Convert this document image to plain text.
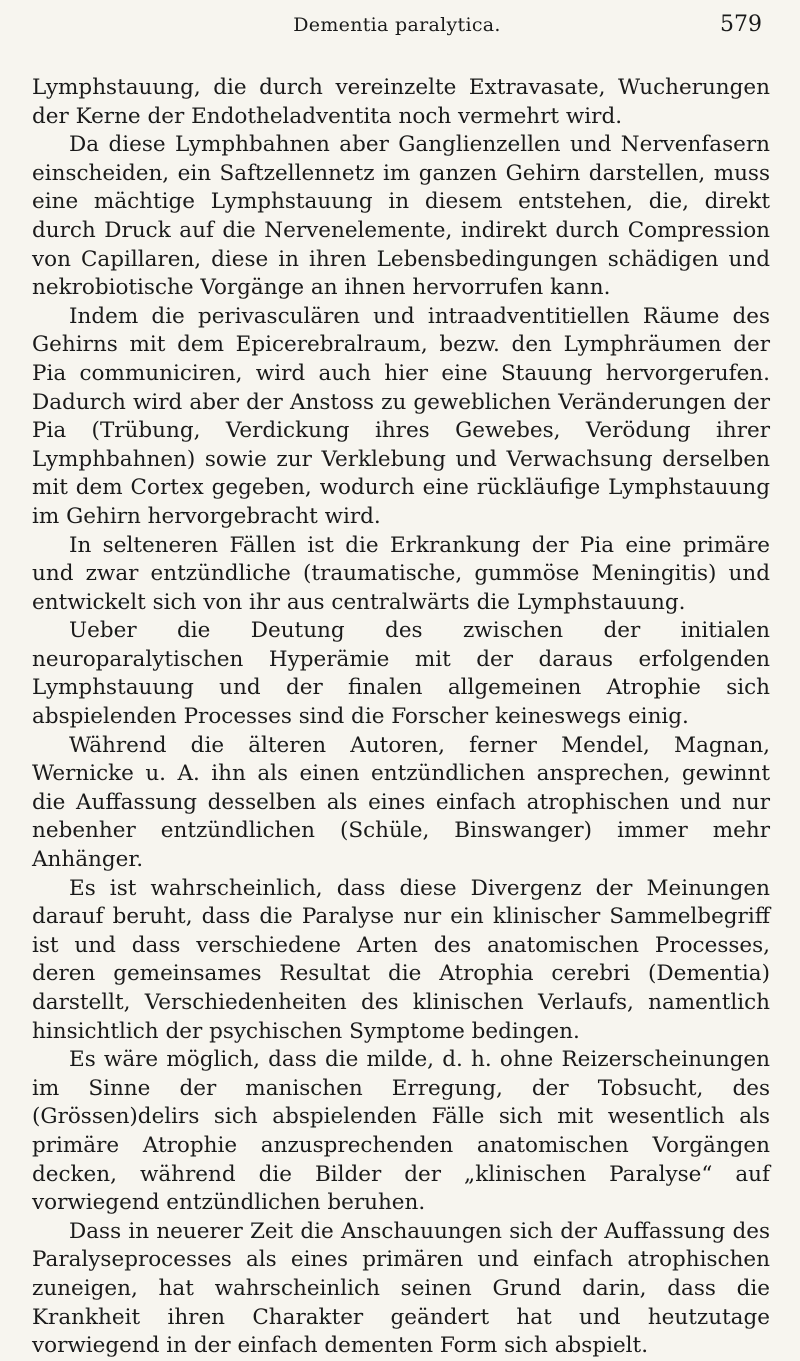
Dementia paralytica.	579

Lymphstauung, die durch vereinzelte Extravasate, Wucherungen der Kerne der Endotheladventita noch vermehrt wird.

Da diese Lymphbahnen aber Ganglienzellen und Nervenfasern einscheiden, ein Saftzellennetz im ganzen Gehirn darstellen, muss eine mächtige Lymphstauung in diesem entstehen, die, direkt durch Druck auf die Nervenelemente, indirekt durch Compression von Capillaren, diese in ihren Lebensbedingungen schädigen und nekrobiotische Vorgänge an ihnen hervorrufen kann.

Indem die perivasculären und intraadventitiellen Räume des Gehirns mit dem Epicerebralraum, bezw. den Lymphräumen der Pia communiciren, wird auch hier eine Stauung hervorgerufen. Dadurch wird aber der Anstoss zu geweblichen Veränderungen der Pia (Trübung, Verdickung ihres Gewebes, Verödung ihrer Lymphbahnen) sowie zur Verklebung und Verwachsung derselben mit dem Cortex gegeben, wodurch eine rückläufige Lymphstauung im Gehirn hervorgebracht wird.

In selteneren Fällen ist die Erkrankung der Pia eine primäre und zwar entzündliche (traumatische, gummöse Meningitis) und entwickelt sich von ihr aus centralwärts die Lymphstauung.

Ueber die Deutung des zwischen der initialen neuroparalytischen Hyperämie mit der daraus erfolgenden Lymphstauung und der finalen allgemeinen Atrophie sich abspielenden Processes sind die Forscher keineswegs einig.

Während die älteren Autoren, ferner Mendel, Magnan, Wernicke u. A. ihn als einen entzündlichen ansprechen, gewinnt die Auffassung desselben als eines einfach atrophischen und nur nebenher entzündlichen (Schüle, Binswanger) immer mehr Anhänger.

Es ist wahrscheinlich, dass diese Divergenz der Meinungen darauf beruht, dass die Paralyse nur ein klinischer Sammelbegriff ist und dass verschiedene Arten des anatomischen Processes, deren gemeinsames Resultat die Atrophia cerebri (Dementia) darstellt, Verschiedenheiten des klinischen Verlaufs, namentlich hinsichtlich der psychischen Symptome bedingen.

Es wäre möglich, dass die milde, d. h. ohne Reizerscheinungen im Sinne der manischen Erregung, der Tobsucht, des (Grössen)delirs sich abspielenden Fälle sich mit wesentlich als primäre Atrophie anzusprechenden anatomischen Vorgängen decken, während die Bilder der „klinischen Paralyse“ auf vorwiegend entzündlichen beruhen.

Dass in neuerer Zeit die Anschauungen sich der Auffassung des Paralyseprocesses als eines primären und einfach atrophischen zuneigen, hat wahrscheinlich seinen Grund darin, dass die Krankheit ihren Charakter geändert hat und heutzutage vorwiegend in der einfach dementen Form sich abspielt.
